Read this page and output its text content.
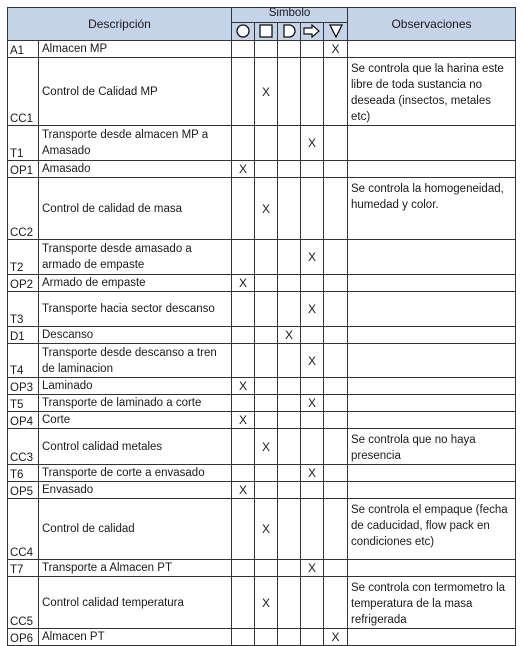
Descripción		Simbolo					Observaciones

A1	Almacen MP					X	
CC1	Control de Calidad MP		X				Se controla que la harina este libre de toda sustancia no deseada (insectos, metales etc)
T1	Transporte desde almacen MP a Amasado				X		
OP1	Amasado	X					
CC2	Control de calidad de masa		X				Se controla la homogeneidad, humedad y color.
T2	Transporte desde amasado a armado de empaste				X		
OP2	Armado de empaste	X					
T3	Transporte hacia sector descanso				X		
D1	Descanso			X			
T4	Transporte desde descanso a tren de laminacion				X		
OP3	Laminado	X					
T5	Transporte de laminado a corte				X		
OP4	Corte	X					
CC3	Control calidad metales		X				Se controla que no haya presencia
T6	Transporte de corte a envasado				X		
OP5	Envasado	X					
CC4	Control de calidad		X				Se controla el empaque (fecha de caducidad, flow pack en condiciones etc)
T7	Transporte a Almacen PT				X		
CC5	Control calidad temperatura		X				Se controla con termometro la temperatura de la masa refrigerada
OP6	Almacen PT					X	
